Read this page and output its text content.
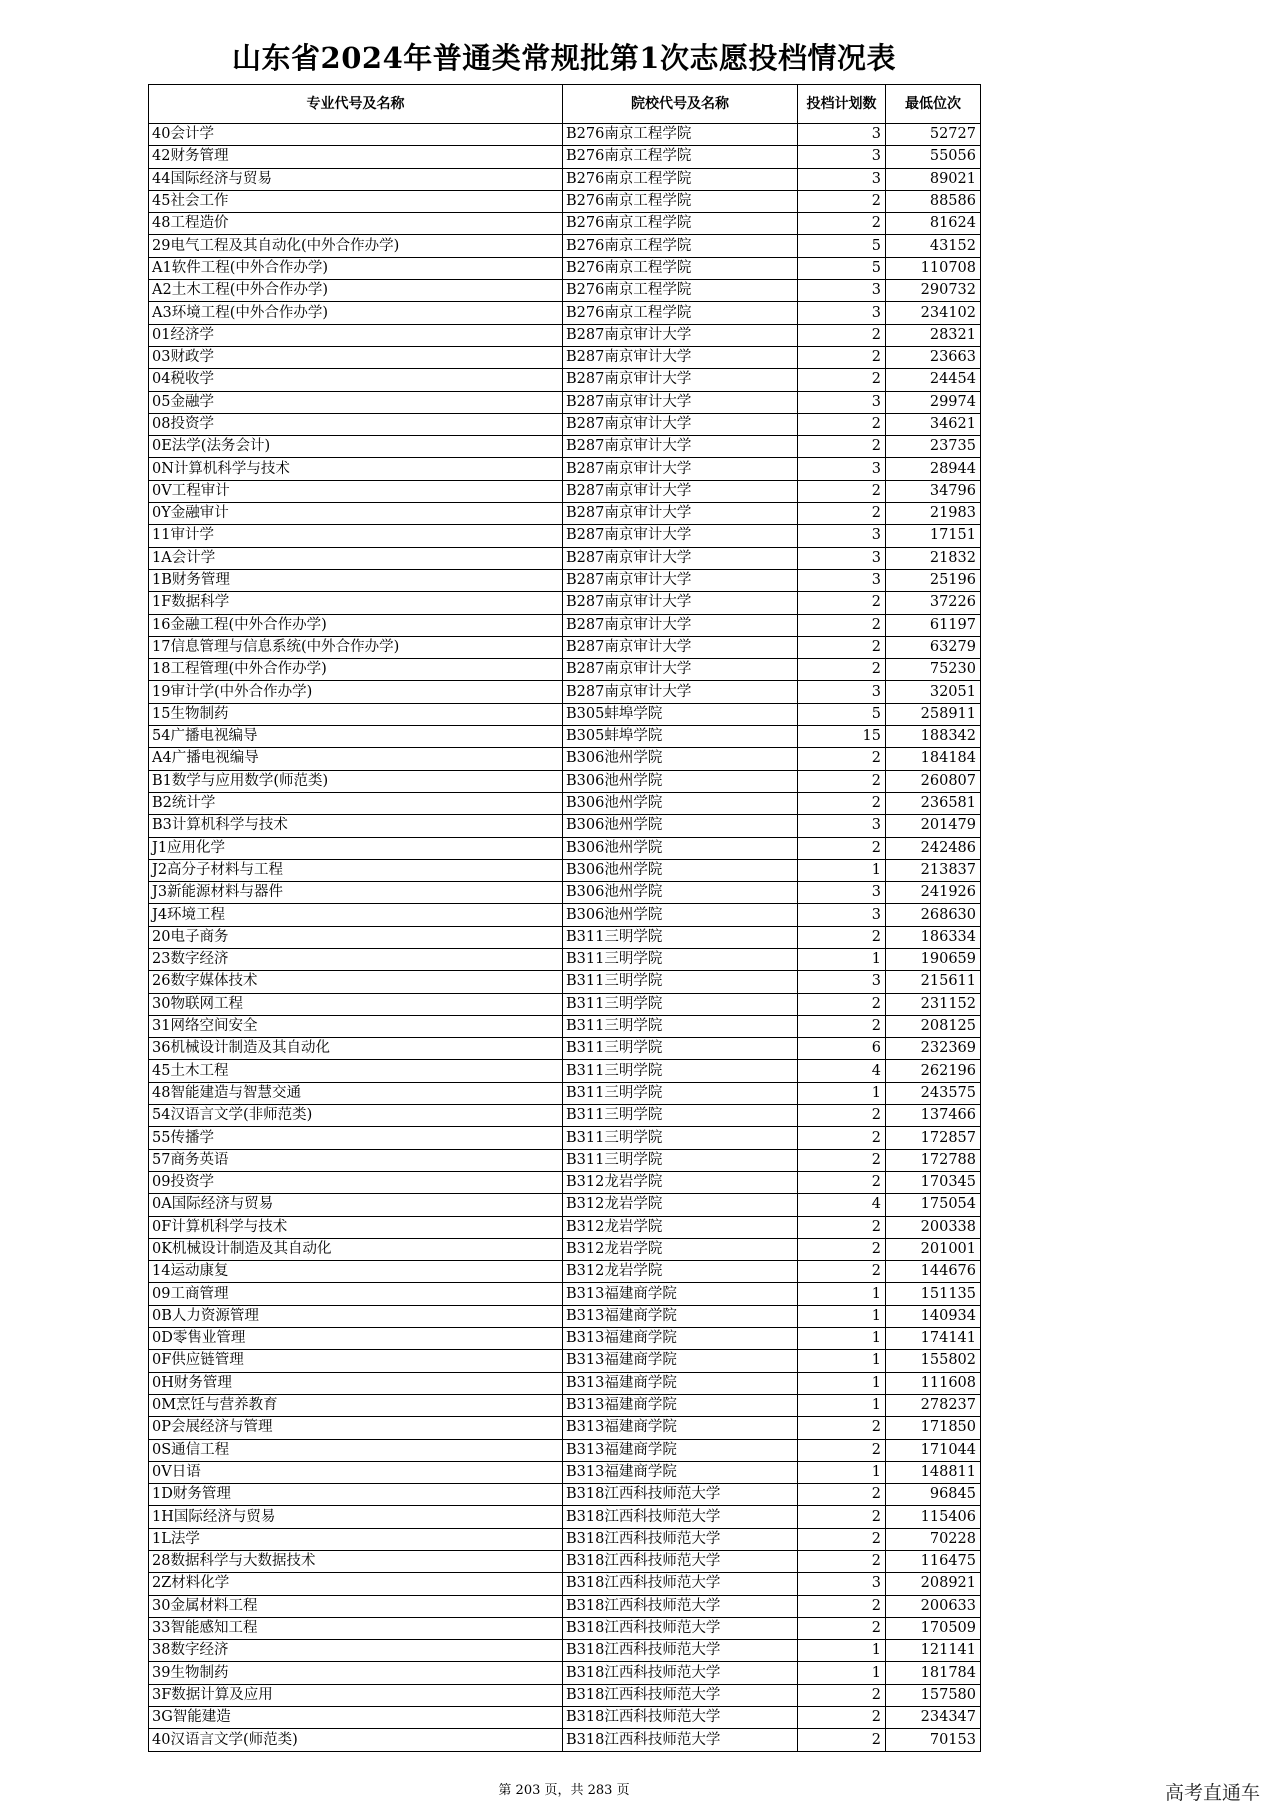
山东省2024年普通类常规批第1次志愿投档情况表
专业代号及名称	院校代号及名称	投档计划数	最低位次
40会计学	B276南京工程学院	3	52727
42财务管理	B276南京工程学院	3	55056
44国际经济与贸易	B276南京工程学院	3	89021
45社会工作	B276南京工程学院	2	88586
48工程造价	B276南京工程学院	2	81624
29电气工程及其自动化(中外合作办学)	B276南京工程学院	5	43152
A1软件工程(中外合作办学)	B276南京工程学院	5	110708
A2土木工程(中外合作办学)	B276南京工程学院	3	290732
A3环境工程(中外合作办学)	B276南京工程学院	3	234102
01经济学	B287南京审计大学	2	28321
03财政学	B287南京审计大学	2	23663
04税收学	B287南京审计大学	2	24454
05金融学	B287南京审计大学	3	29974
08投资学	B287南京审计大学	2	34621
0E法学(法务会计)	B287南京审计大学	2	23735
0N计算机科学与技术	B287南京审计大学	3	28944
0V工程审计	B287南京审计大学	2	34796
0Y金融审计	B287南京审计大学	2	21983
11审计学	B287南京审计大学	3	17151
1A会计学	B287南京审计大学	3	21832
1B财务管理	B287南京审计大学	3	25196
1F数据科学	B287南京审计大学	2	37226
16金融工程(中外合作办学)	B287南京审计大学	2	61197
17信息管理与信息系统(中外合作办学)	B287南京审计大学	2	63279
18工程管理(中外合作办学)	B287南京审计大学	2	75230
19审计学(中外合作办学)	B287南京审计大学	3	32051
15生物制药	B305蚌埠学院	5	258911
54广播电视编导	B305蚌埠学院	15	188342
A4广播电视编导	B306池州学院	2	184184
B1数学与应用数学(师范类)	B306池州学院	2	260807
B2统计学	B306池州学院	2	236581
B3计算机科学与技术	B306池州学院	3	201479
J1应用化学	B306池州学院	2	242486
J2高分子材料与工程	B306池州学院	1	213837
J3新能源材料与器件	B306池州学院	3	241926
J4环境工程	B306池州学院	3	268630
20电子商务	B311三明学院	2	186334
23数字经济	B311三明学院	1	190659
26数字媒体技术	B311三明学院	3	215611
30物联网工程	B311三明学院	2	231152
31网络空间安全	B311三明学院	2	208125
36机械设计制造及其自动化	B311三明学院	6	232369
45土木工程	B311三明学院	4	262196
48智能建造与智慧交通	B311三明学院	1	243575
54汉语言文学(非师范类)	B311三明学院	2	137466
55传播学	B311三明学院	2	172857
57商务英语	B311三明学院	2	172788
09投资学	B312龙岩学院	2	170345
0A国际经济与贸易	B312龙岩学院	4	175054
0F计算机科学与技术	B312龙岩学院	2	200338
0K机械设计制造及其自动化	B312龙岩学院	2	201001
14运动康复	B312龙岩学院	2	144676
09工商管理	B313福建商学院	1	151135
0B人力资源管理	B313福建商学院	1	140934
0D零售业管理	B313福建商学院	1	174141
0F供应链管理	B313福建商学院	1	155802
0H财务管理	B313福建商学院	1	111608
0M烹饪与营养教育	B313福建商学院	1	278237
0P会展经济与管理	B313福建商学院	2	171850
0S通信工程	B313福建商学院	2	171044
0V日语	B313福建商学院	1	148811
1D财务管理	B318江西科技师范大学	2	96845
1H国际经济与贸易	B318江西科技师范大学	2	115406
1L法学	B318江西科技师范大学	2	70228
28数据科学与大数据技术	B318江西科技师范大学	2	116475
2Z材料化学	B318江西科技师范大学	3	208921
30金属材料工程	B318江西科技师范大学	2	200633
33智能感知工程	B318江西科技师范大学	2	170509
38数字经济	B318江西科技师范大学	1	121141
39生物制药	B318江西科技师范大学	1	181784
3F数据计算及应用	B318江西科技师范大学	2	157580
3G智能建造	B318江西科技师范大学	2	234347
40汉语言文学(师范类)	B318江西科技师范大学	2	70153
第 203 页，共 283 页	高考直通车
